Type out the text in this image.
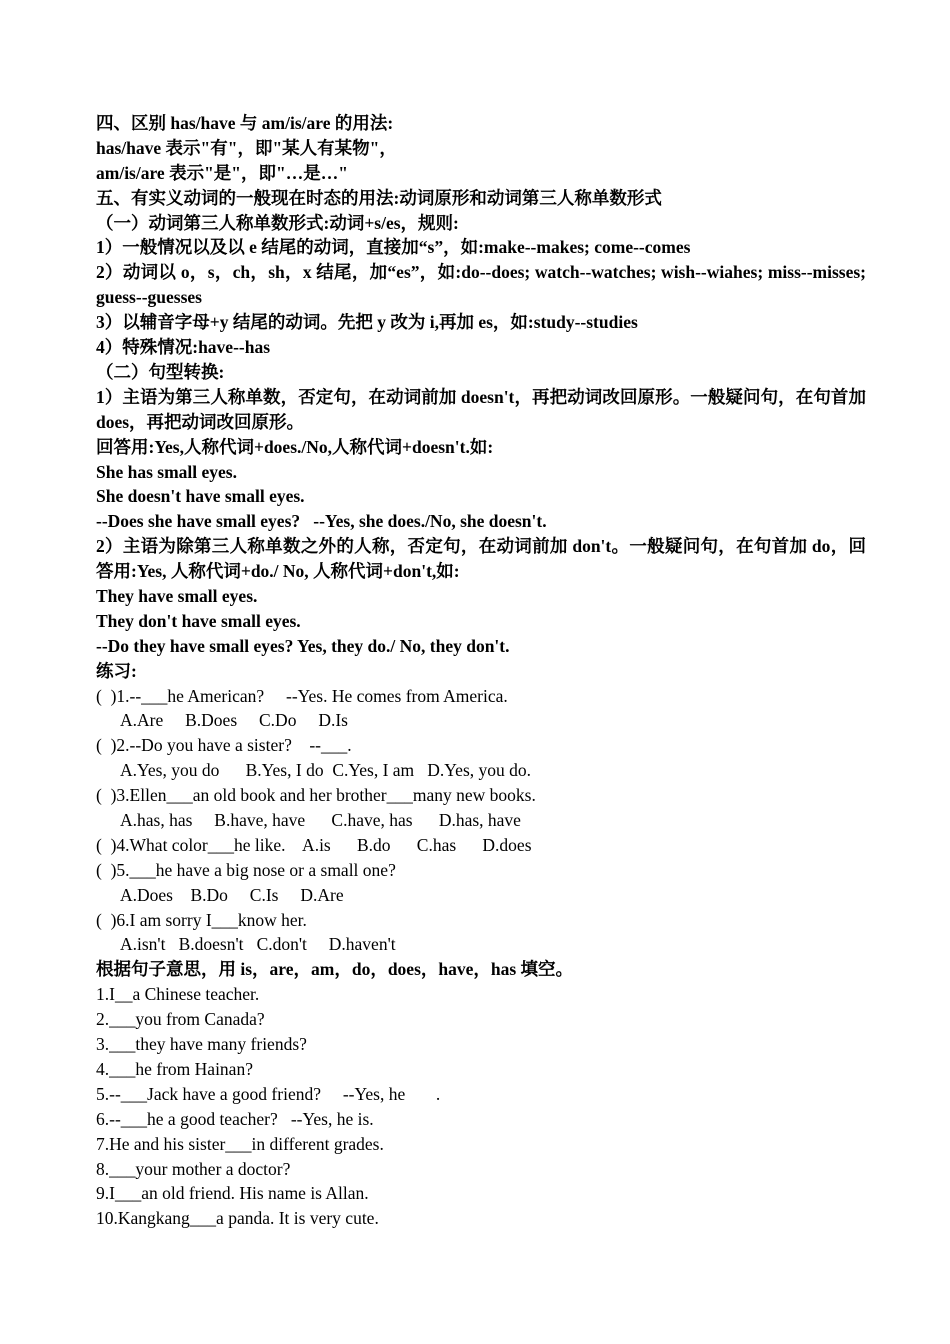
四、区别 has/have 与 am/is/are 的用法:
has/have 表示"有"，即"某人有某物"，
am/is/are 表示"是"，即"…是…"
五、有实义动词的一般现在时态的用法:动词原形和动词第三人称单数形式
（一）动词第三人称单数形式:动词+s/es，规则:
1）一般情况以及以 e 结尾的动词，直接加“s”，如:make--makes; come--comes
2）动词以 o，s，ch，sh，x 结尾，加“es”，如:do--does; watch--watches; wish--wiahes; miss--misses; guess--guesses
3）以辅音字母+y 结尾的动词。先把 y 改为 i,再加 es，如:study--studies
4）特殊情况:have--has
（二）句型转换:
1）主语为第三人称单数，否定句，在动词前加 doesn't，再把动词改回原形。一般疑问句，在句首加 does，再把动词改回原形。
回答用:Yes,人称代词+does./No,人称代词+doesn't.如:
She has small eyes.
She doesn't have small eyes.
--Does she have small eyes?   --Yes, she does./No, she doesn't.
2）主语为除第三人称单数之外的人称，否定句，在动词前加 don't。一般疑问句，在句首加 do，回答用:Yes, 人称代词+do./ No, 人称代词+don't,如:
They have small eyes.
They don't have small eyes.
--Do they have small eyes? Yes, they do./ No, they don't.
练习:
(  )1.--___he American?     --Yes. He comes from America.
A.Are     B.Does     C.Do     D.Is
(  )2.--Do you have a sister?    --___.
A.Yes, you do      B.Yes, I do  C.Yes, I am   D.Yes, you do.
(  )3.Ellen___an old book and her brother___many new books.
A.has, has     B.have, have      C.have, has      D.has, have
(  )4.What color___he like.    A.is      B.do      C.has      D.does
(  )5.___he have a big nose or a small one?
A.Does    B.Do     C.Is     D.Are
(  )6.I am sorry I___know her.
A.isn't   B.doesn't   C.don't     D.haven't
根据句子意思，用 is，are，am，do，does，have，has 填空。
1.I__a Chinese teacher.
2.___you from Canada?
3.___they have many friends?
4.___he from Hainan?
5.--___Jack have a good friend?     --Yes, he       .
6.--___he a good teacher?   --Yes, he is.
7.He and his sister___in different grades.
8.___your mother a doctor?
9.I___an old friend. His name is Allan.
10.Kangkang___a panda. It is very cute.
